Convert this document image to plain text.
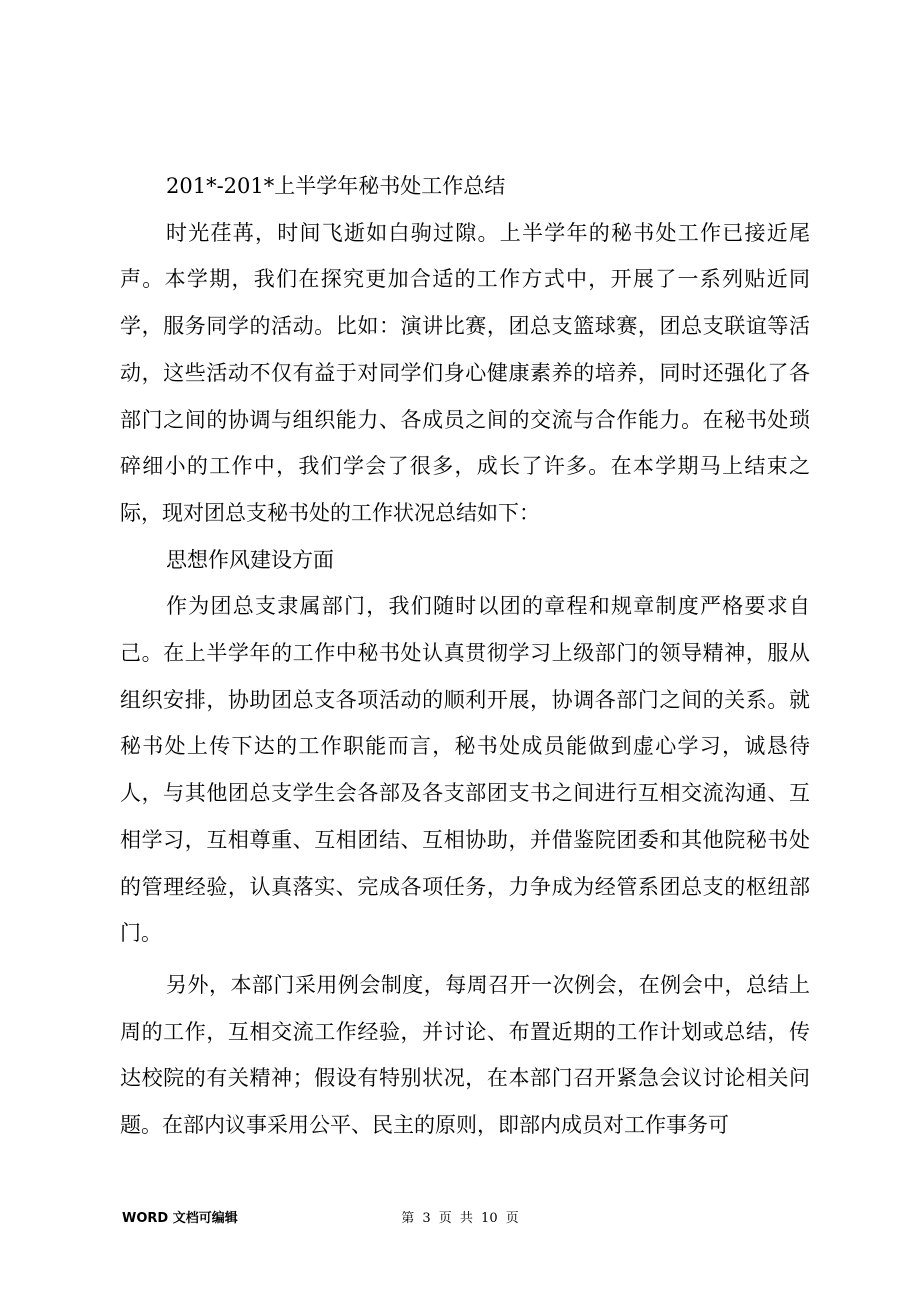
201*-201*上半学年秘书处工作总结

时光荏苒，时间飞逝如白驹过隙。上半学年的秘书处工作已接近尾声。本学期，我们在探究更加合适的工作方式中，开展了一系列贴近同学，服务同学的活动。比如：演讲比赛，团总支篮球赛，团总支联谊等活动，这些活动不仅有益于对同学们身心健康素养的培养，同时还强化了各部门之间的协调与组织能力、各成员之间的交流与合作能力。在秘书处琐碎细小的工作中，我们学会了很多，成长了许多。在本学期马上结束之际，现对团总支秘书处的工作状况总结如下：

思想作风建设方面

作为团总支隶属部门，我们随时以团的章程和规章制度严格要求自己。在上半学年的工作中秘书处认真贯彻学习上级部门的领导精神，服从组织安排，协助团总支各项活动的顺利开展，协调各部门之间的关系。就秘书处上传下达的工作职能而言，秘书处成员能做到虚心学习，诚恳待人，与其他团总支学生会各部及各支部团支书之间进行互相交流沟通、互相学习，互相尊重、互相团结、互相协助，并借鉴院团委和其他院秘书处的管理经验，认真落实、完成各项任务，力争成为经管系团总支的枢纽部门。

另外，本部门采用例会制度，每周召开一次例会，在例会中，总结上周的工作，互相交流工作经验，并讨论、布置近期的工作计划或总结，传达校院的有关精神；假设有特别状况，在本部门召开紧急会议讨论相关问题。在部内议事采用公平、民主的原则，即部内成员对工作事务可

WORD 文档可编辑	第 3 页 共 10 页
